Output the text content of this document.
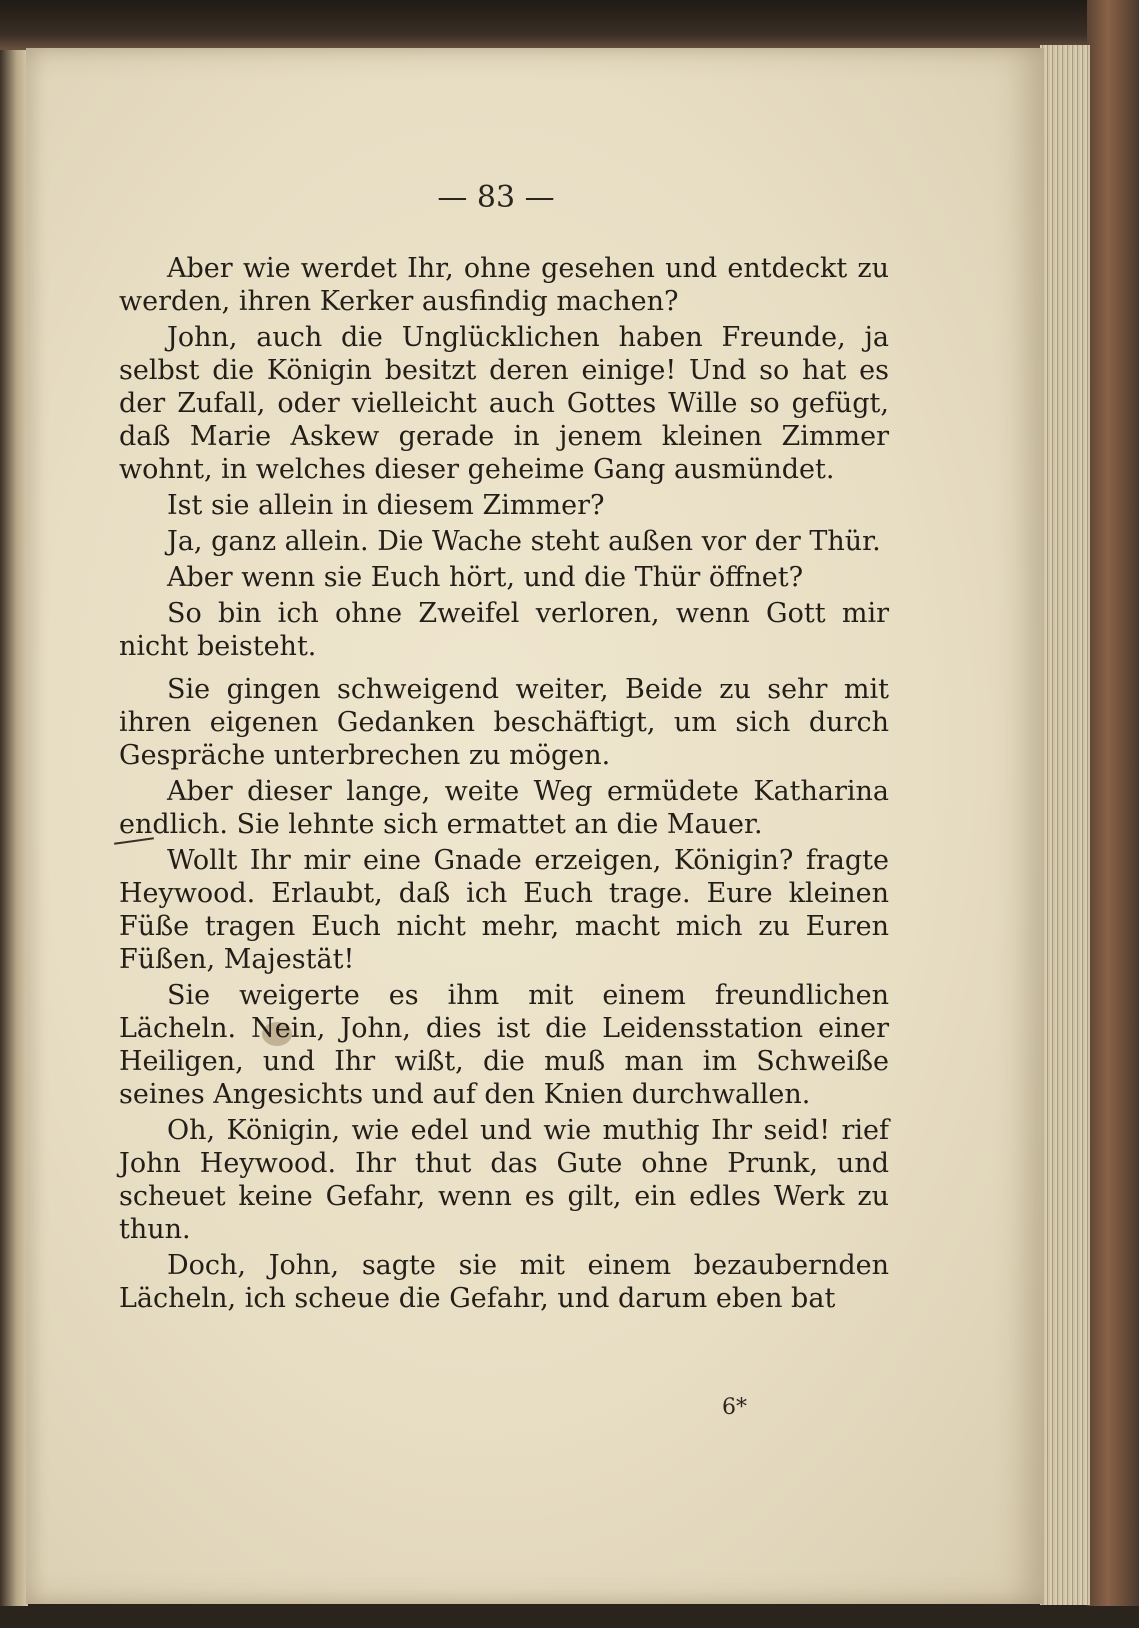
— 83 —

Aber wie werdet Ihr, ohne gesehen und entdeckt zu werden, ihren Kerker ausfindig machen?

John, auch die Unglücklichen haben Freunde, ja selbst die Königin besitzt deren einige! Und so hat es der Zufall, oder vielleicht auch Gottes Wille so gefügt, daß Marie Askew gerade in jenem kleinen Zimmer wohnt, in welches dieser geheime Gang ausmündet.

Ist sie allein in diesem Zimmer?

Ja, ganz allein. Die Wache steht außen vor der Thür.

Aber wenn sie Euch hört, und die Thür öffnet?

So bin ich ohne Zweifel verloren, wenn Gott mir nicht beisteht.

Sie gingen schweigend weiter, Beide zu sehr mit ihren eigenen Gedanken beschäftigt, um sich durch Gespräche unterbrechen zu mögen.

Aber dieser lange, weite Weg ermüdete Katharina endlich. Sie lehnte sich ermattet an die Mauer.

Wollt Ihr mir eine Gnade erzeigen, Königin? fragte Heywood. Erlaubt, daß ich Euch trage. Eure kleinen Füße tragen Euch nicht mehr, macht mich zu Euren Füßen, Majestät!

Sie weigerte es ihm mit einem freundlichen Lächeln. Nein, John, dies ist die Leidensstation einer Heiligen, und Ihr wißt, die muß man im Schweiße seines Angesichts und auf den Knien durchwallen.

Oh, Königin, wie edel und wie muthig Ihr seid! rief John Heywood. Ihr thut das Gute ohne Prunk, und scheuet keine Gefahr, wenn es gilt, ein edles Werk zu thun.

Doch, John, sagte sie mit einem bezaubernden Lächeln, ich scheue die Gefahr, und darum eben bat

6*
